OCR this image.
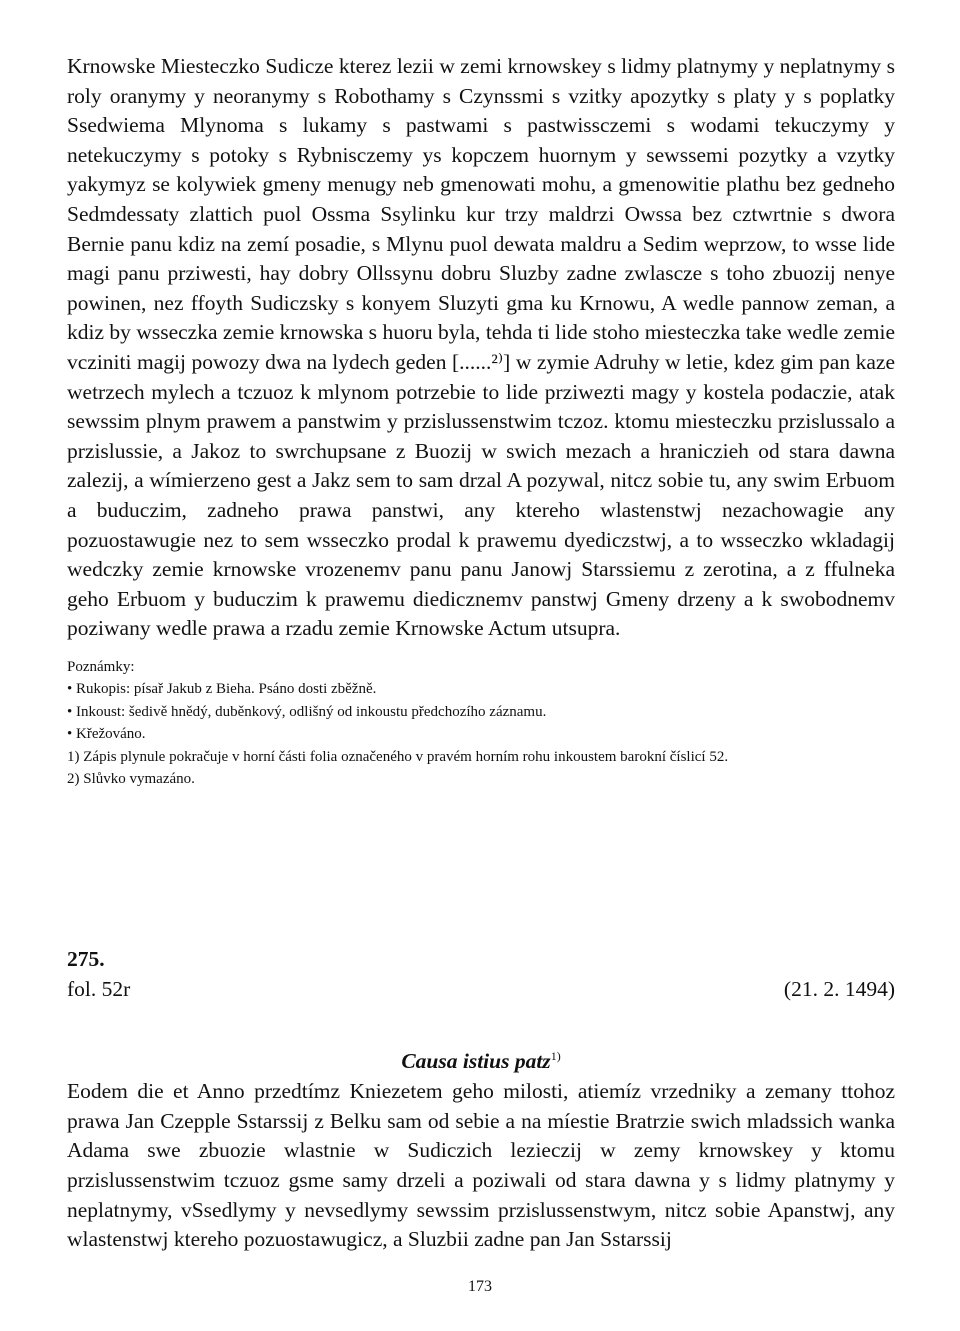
Krnowske Miesteczko Sudicze kterez lezii w zemi krnowskey s lidmy platnymy y neplatnymy s roly oranymy y neoranymy s Robothamy s Czynssmi s vzitky apozytky s platy y s poplatky Ssedwiema Mlynoma s lukamy s pastwami s pastwissczemi s wodami tekuczymy y netekuczymy s potoky s Rybnisczemy ys kopczem huornym y sewssemi pozytky a vzytky yakymyz se kolywiek gmeny menugy neb gmenowati mohu, a gmenowitie plathu bez gedneho Sedmdessaty zlattich puol Ossma Ssylinku kur trzy maldrzi Owssa bez cztwrtnie s dwora Bernie panu kdiz na zemí posadie, s Mlynu puol dewata maldru a Sedim weprzow, to wsse lide magi panu prziwesti, hay dobry Ollssynu dobru Sluzby zadne zwlascze s toho zbuozij nenye powinen, nez ffoyth Sudiczsky s konyem Sluzyti gma ku Krnowu, A wedle pannow zeman, a kdiz by wsseczka zemie krnowska s huoru byla, tehda ti lide stoho miesteczka take wedle zemie vcziniti magij powozy dwa na lydech geden [......²⁾] w zymie Adruhy w letie, kdez gim pan kaze wetrzech mylech a tczuoz k mlynom potrzebie to lide prziwezti magy y kostela podaczie, atak sewssim plnym prawem a panstwim y przislussenstwim tczoz. ktomu miesteczku przislussalo a przislussie, a Jakoz to swrchupsane z Buozij w swich mezach a hraniczieh od stara dawna zalezij, a wímierzeno gest a Jakz sem to sam drzal A pozywal, nitcz sobie tu, any swim Erbuom a buduczim, zadneho prawa panstwi, any ktereho wlastenstwj nezachowagie any pozuostawugie nez to sem wsseczko prodal k prawemu dyediczstwj, a to wsseczko wkladagij wedczky zemie krnowske vrozenemv panu panu Janowj Starssiemu z zerotina, a z ffulneka geho Erbuom y buduczim k prawemu diedicznemv panstwj Gmeny drzeny a k swobodnemv poziwany wedle prawa a rzadu zemie Krnowske Actum utsupra.

Poznámky:
• Rukopis: písař Jakub z Bieha. Psáno dosti zběžně.
• Inkoust: šedivě hnědý, duběnkový, odlišný od inkoustu předchozího záznamu.
• Křežováno.
1) Zápis plynule pokračuje v horní části folia označeného v pravém horním rohu inkoustem barokní číslicí 52.
2) Slůvko vymazáno.
275.
fol. 52r	(21. 2. 1494)
Causa istius patz$^{1)}$
Eodem die et Anno przedtímz Kniezetem geho milosti, atiemíz vrzedniky a zemany ttohoz prawa Jan Czepple Sstarssij z Belku sam od sebie a na míestie Bratrzie swich mladssich wanka Adama swe zbuozie wlastnie w Sudiczich lezieczij w zemy krnowskey y ktomu przislussenstwim tczuoz gsme samy drzeli a poziwali od stara dawna y s lidmy platnymy y neplatnymy, vSsedlymy y nevsedlymy sewssim przislussenstwym, nitcz sobie Apanstwj, any wlastenstwj ktereho pozuostawugicz, a Sluzbii zadne pan Jan Sstarssij
173
